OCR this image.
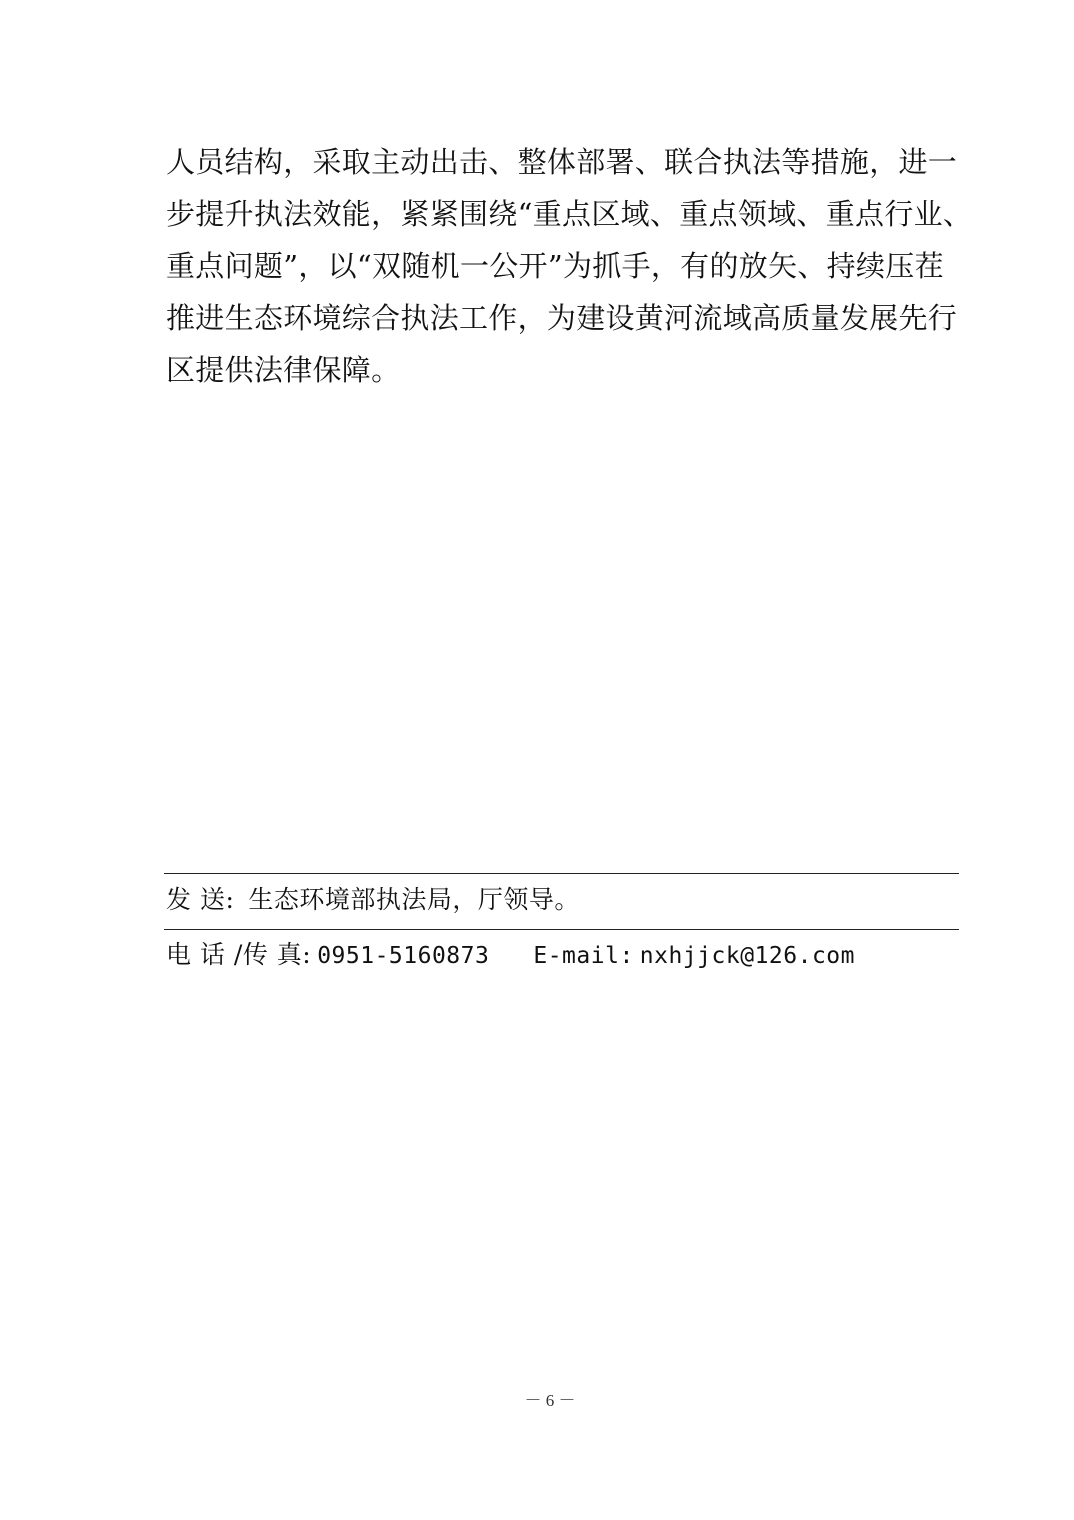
人员结构，采取主动出击、整体部署、联合执法等措施，进一
步提升执法效能，紧紧围绕“重点区域、重点领域、重点行业、
重点问题”，以“双随机一公开”为抓手，有的放矢、持续压茬
推进生态环境综合执法工作，为建设黄河流域高质量发展先行
区提供法律保障。
发 送: 生态环境部执法局，厅领导。
电 话 /传 真: 0951-5160873 E-mail: nxhjjck@126.com
－ 6 －
